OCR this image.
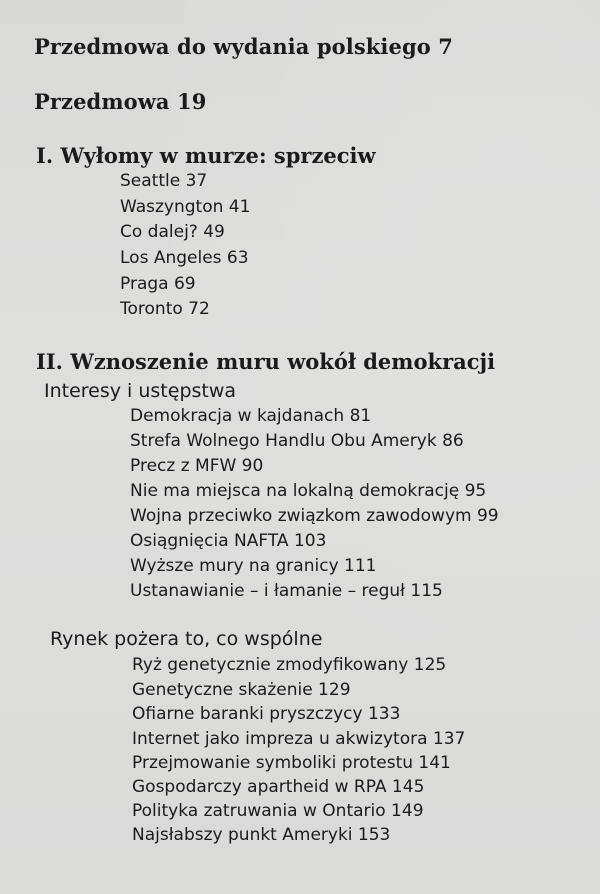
Przedmowa do wydania polskiego 7
Przedmowa 19
I. Wyłomy w murze: sprzeciw
Seattle 37
Waszyngton 41
Co dalej? 49
Los Angeles 63
Praga 69
Toronto 72
II. Wznoszenie muru wokół demokracji
Interesy i ustępstwa
Demokracja w kajdanach 81
Strefa Wolnego Handlu Obu Ameryk 86
Precz z MFW 90
Nie ma miejsca na lokalną demokrację 95
Wojna przeciwko związkom zawodowym 99
Osiągnięcia NAFTA 103
Wyższe mury na granicy 111
Ustanawianie – i łamanie – reguł 115
Rynek pożera to, co wspólne
Ryż genetycznie zmodyfikowany 125
Genetyczne skażenie 129
Ofiarne baranki pryszczycy 133
Internet jako impreza u akwizytora 137
Przejmowanie symboliki protestu 141
Gospodarczy apartheid w RPA 145
Polityka zatruwania w Ontario 149
Najsłabszy punkt Ameryki 153
